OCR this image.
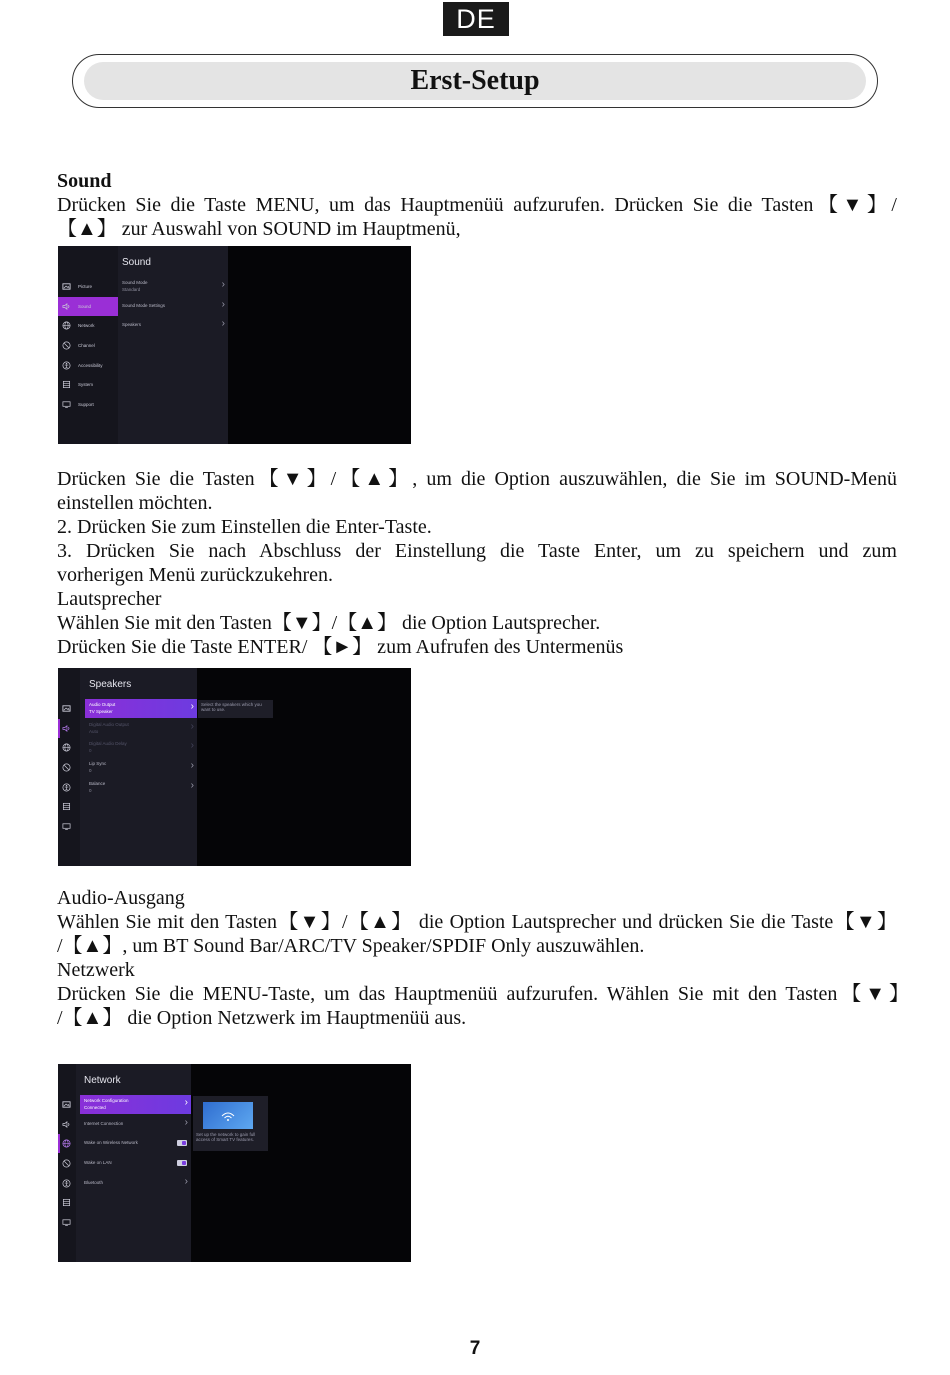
DE
Erst-Setup
Sound
Drücken Sie die Taste MENU, um das Hauptmenüü aufzurufen. Drücken Sie die Tasten【▼】/
【▲】 zur Auswahl von SOUND im Hauptmenü,
Picture
Sound
Network
Channel
Accessibility
System
Support
Sound
Sound Mode
Standard	›
Sound Mode Settings	›
Speakers	›
Drücken Sie die Tasten【▼】/【▲】, um die Option auszuwählen, die Sie im SOUND-Menü
einstellen möchten.
2. Drücken Sie zum Einstellen die Enter-Taste.
3. Drücken Sie nach Abschluss der Einstellung die Taste Enter, um zu speichern und zum
vorherigen Menü zurückzukehren.
Lautsprecher
Wählen Sie mit den Tasten【▼】/【▲】 die Option Lautsprecher.
Drücken Sie die Taste ENTER/ 【►】 zum Aufrufen des Untermenüs
Speakers
Audio Output
TV Speaker	›
Digital Audio Output
Auto	›
Digital Audio Delay
0	›
Lip Sync
0	›
Balance
0	›
Select the speakers which you want to use.
Audio-Ausgang
Wählen Sie mit den Tasten【▼】/【▲】 die Option Lautsprecher und drücken Sie die Taste【▼】
/【▲】, um BT Sound Bar/ARC/TV Speaker/SPDIF Only auszuwählen.
Netzwerk
Drücken Sie die MENU-Taste, um das Hauptmenüü aufzurufen. Wählen Sie mit den Tasten【▼】
/【▲】 die Option Netzwerk im Hauptmenüü aus.
Network
Network Configuration
Connected	›
Internet Connection	›
Wake on Wireless Network
Wake on LAN
Bluetooth	›
Set up the network to gain full access of Smart TV features.
7
